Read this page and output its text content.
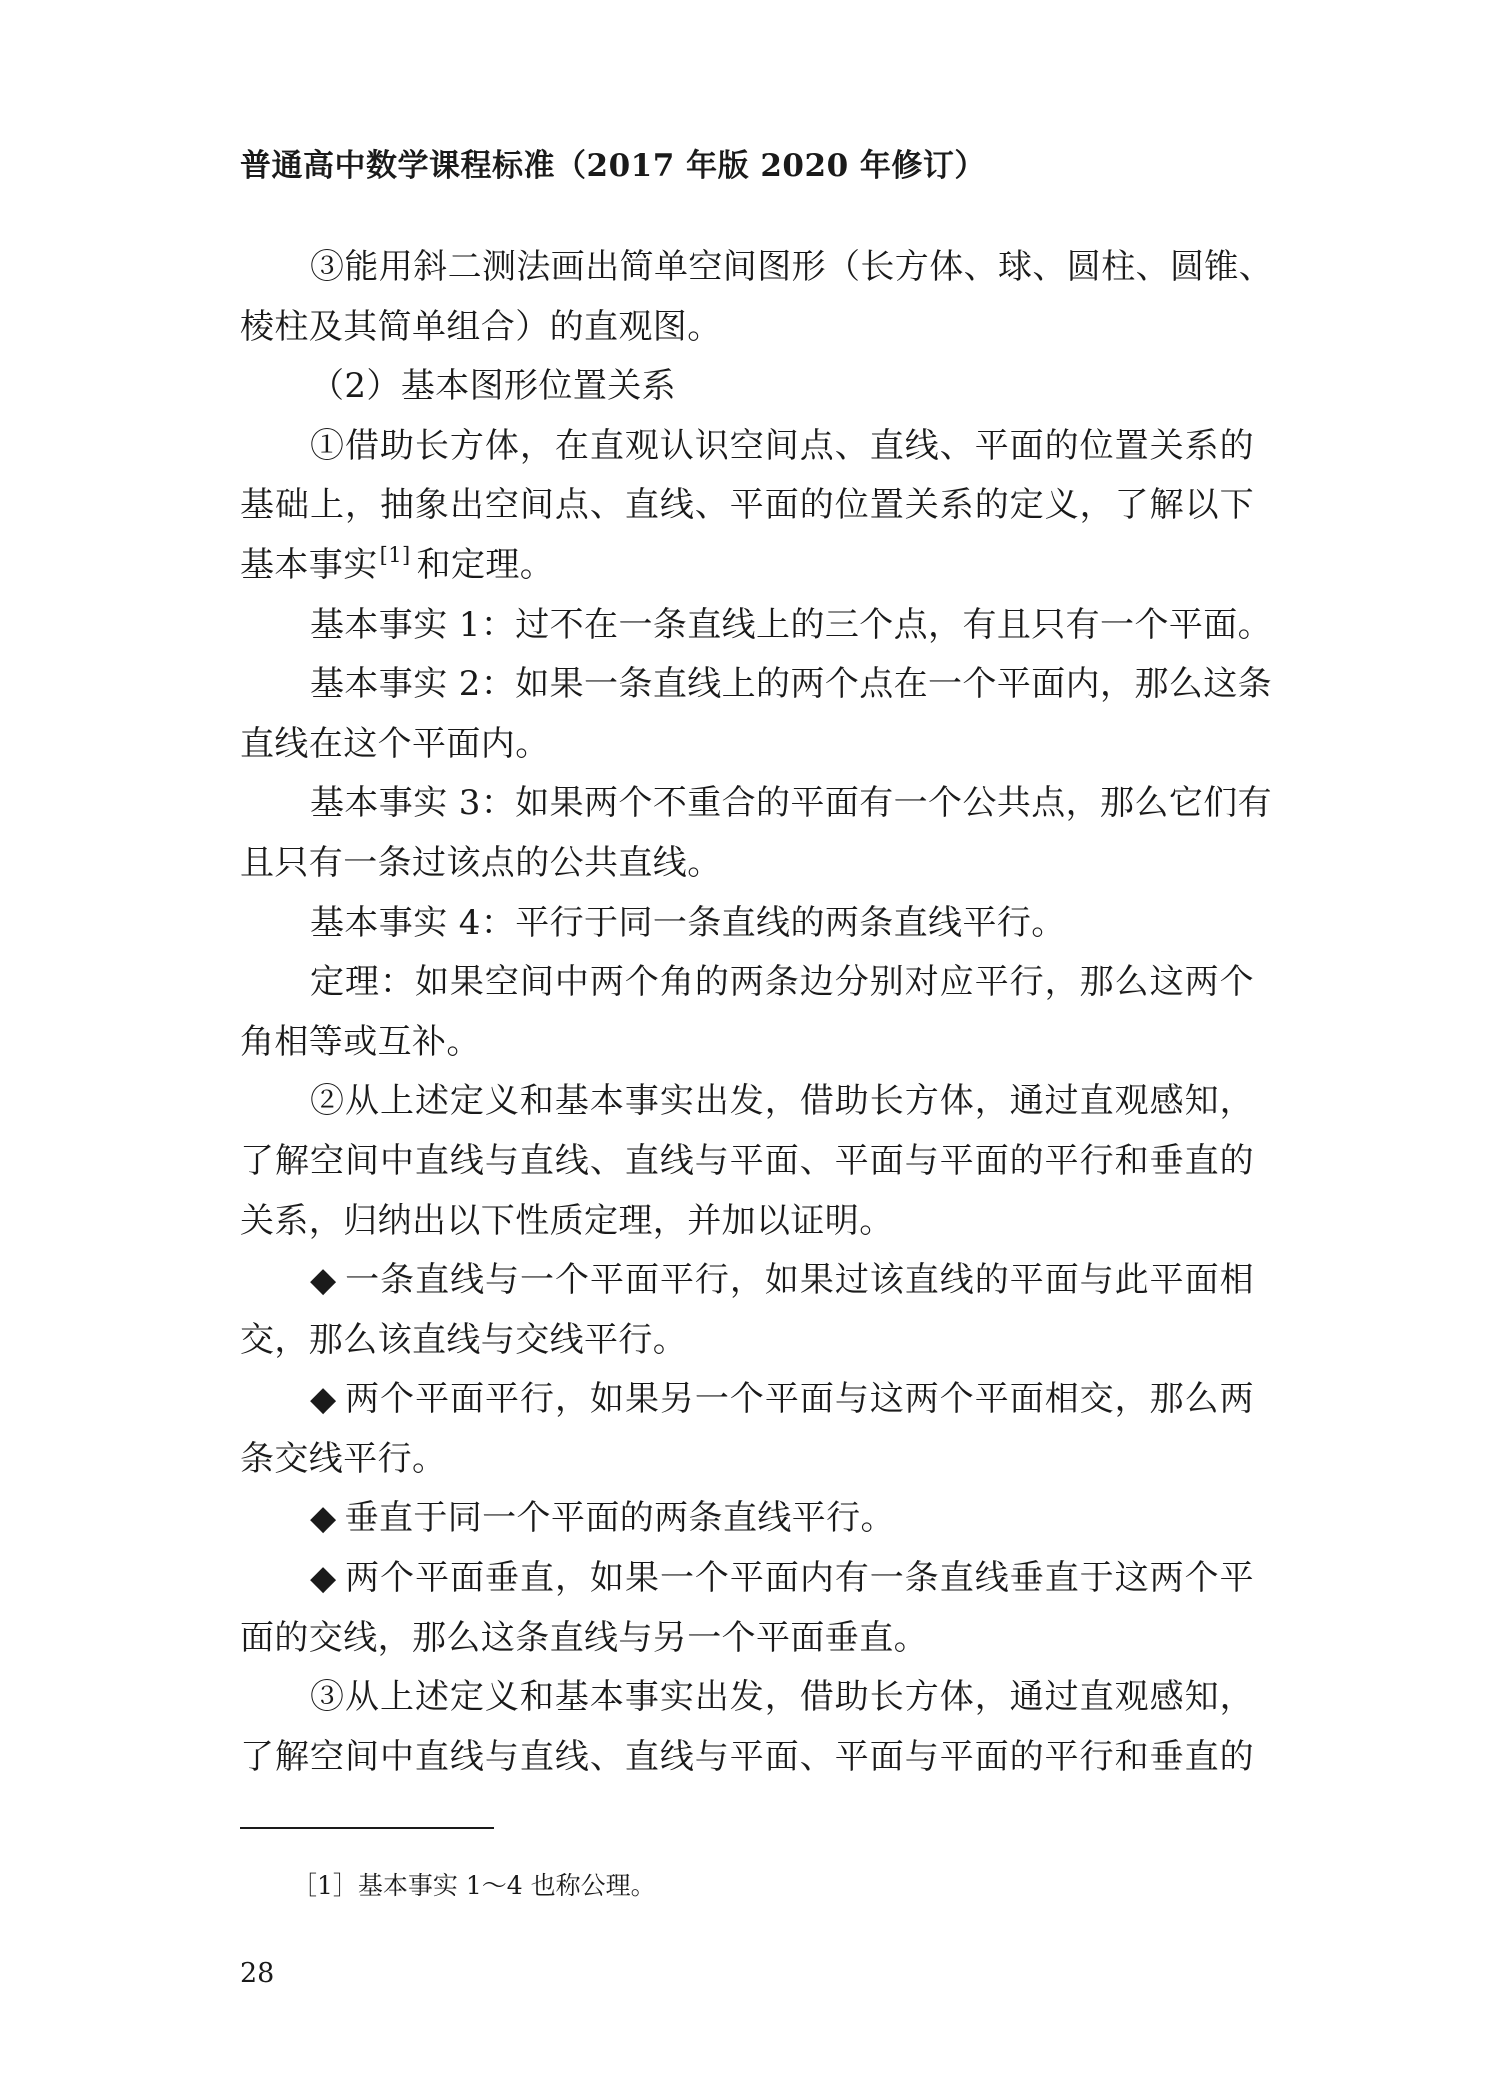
普通高中数学课程标准（2017 年版 2020 年修订）
③能用斜二测法画出简单空间图形（长方体、球、圆柱、圆锥、
棱柱及其简单组合）的直观图。
（2）基本图形位置关系
①借助长方体，在直观认识空间点、直线、平面的位置关系的
基础上，抽象出空间点、直线、平面的位置关系的定义，了解以下
基本事实[1] 和定理。
基本事实 1：过不在一条直线上的三个点，有且只有一个平面。
基本事实 2：如果一条直线上的两个点在一个平面内，那么这条
直线在这个平面内。
基本事实 3：如果两个不重合的平面有一个公共点，那么它们有
且只有一条过该点的公共直线。
基本事实 4：平行于同一条直线的两条直线平行。
定理：如果空间中两个角的两条边分别对应平行，那么这两个
角相等或互补。
②从上述定义和基本事实出发，借助长方体，通过直观感知，
了解空间中直线与直线、直线与平面、平面与平面的平行和垂直的
关系，归纳出以下性质定理，并加以证明。
◆ 一条直线与一个平面平行，如果过该直线的平面与此平面相
交，那么该直线与交线平行。
◆ 两个平面平行，如果另一个平面与这两个平面相交，那么两
条交线平行。
◆ 垂直于同一个平面的两条直线平行。
◆ 两个平面垂直，如果一个平面内有一条直线垂直于这两个平
面的交线，那么这条直线与另一个平面垂直。
③从上述定义和基本事实出发，借助长方体，通过直观感知，
了解空间中直线与直线、直线与平面、平面与平面的平行和垂直的
［1］基本事实 1～4 也称公理。
28
